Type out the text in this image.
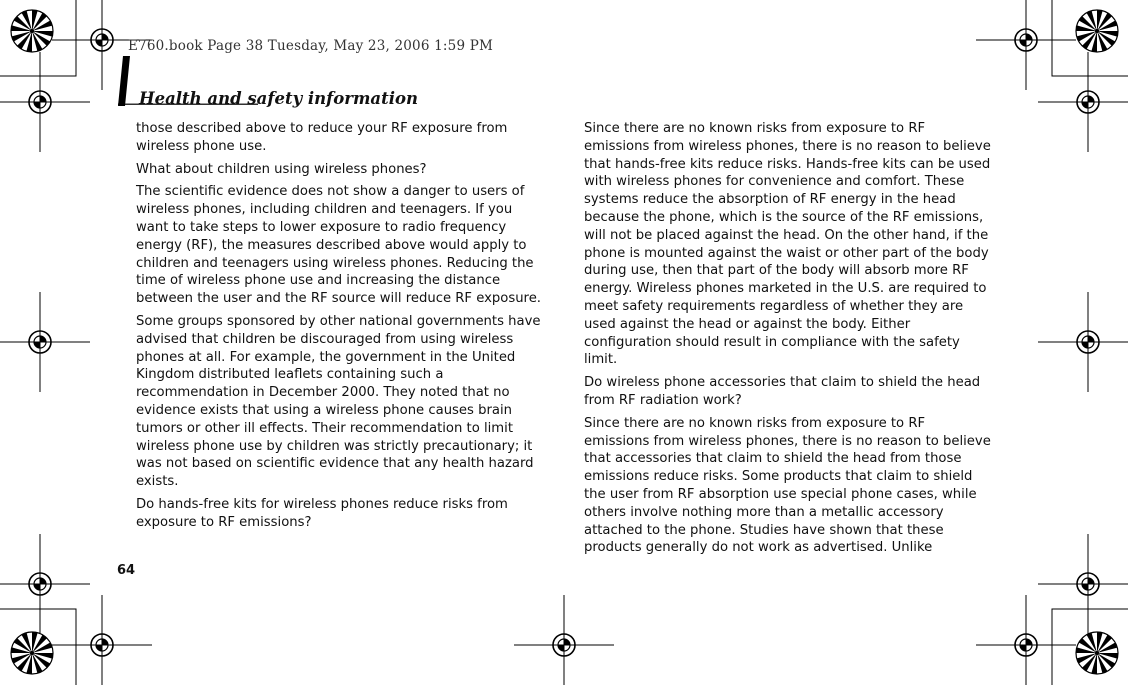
E760.book Page 38 Tuesday, May 23, 2006 1:59 PM

Health and safety information

those described above to reduce your RF exposure from wireless phone use.

What about children using wireless phones?

The scientific evidence does not show a danger to users of wireless phones, including children and teenagers. If you want to take steps to lower exposure to radio frequency energy (RF), the measures described above would apply to children and teenagers using wireless phones. Reducing the time of wireless phone use and increasing the distance between the user and the RF source will reduce RF exposure.

Some groups sponsored by other national governments have advised that children be discouraged from using wireless phones at all. For example, the government in the United Kingdom distributed leaflets containing such a recommendation in December 2000. They noted that no evidence exists that using a wireless phone causes brain tumors or other ill effects. Their recommendation to limit wireless phone use by children was strictly precautionary; it was not based on scientific evidence that any health hazard exists.

Do hands-free kits for wireless phones reduce risks from exposure to RF emissions?

Since there are no known risks from exposure to RF emissions from wireless phones, there is no reason to believe that hands-free kits reduce risks. Hands-free kits can be used with wireless phones for convenience and comfort. These systems reduce the absorption of RF energy in the head because the phone, which is the source of the RF emissions, will not be placed against the head. On the other hand, if the phone is mounted against the waist or other part of the body during use, then that part of the body will absorb more RF energy. Wireless phones marketed in the U.S. are required to meet safety requirements regardless of whether they are used against the head or against the body. Either configuration should result in compliance with the safety limit.

Do wireless phone accessories that claim to shield the head from RF radiation work?

Since there are no known risks from exposure to RF emissions from wireless phones, there is no reason to believe that accessories that claim to shield the head from those emissions reduce risks. Some products that claim to shield the user from RF absorption use special phone cases, while others involve nothing more than a metallic accessory attached to the phone. Studies have shown that these products generally do not work as advertised. Unlike

64
